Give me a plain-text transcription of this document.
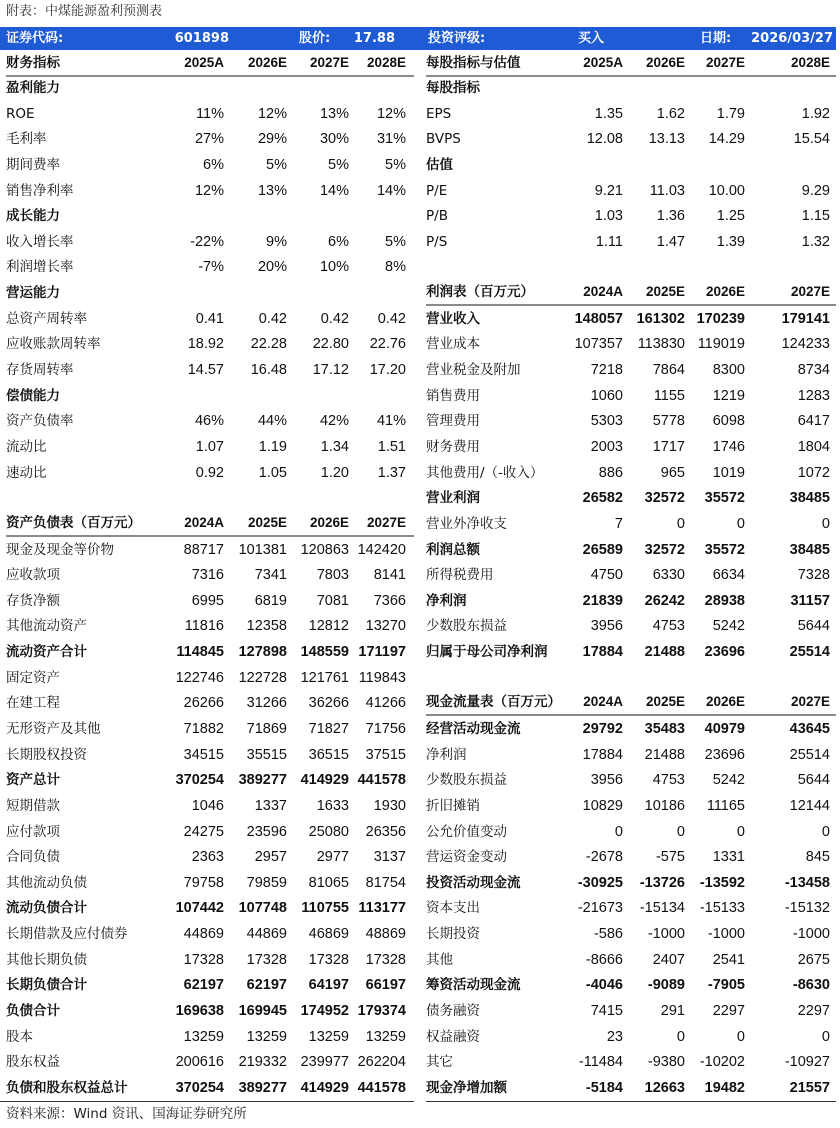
附表：中煤能源盈利预测表
证券代码:	601898	股价: 17.88	投资评级:	买入	日期: 2026/03/27
财务指标	2025A 2026E 2027E 2028E
盈利能力
ROE	11% 12% 13% 12%
毛利率	27% 29% 30% 31%
期间费率	6%	5%	5% 5%
销售净利率	12% 13% 14% 14%
成长能力
收入增长率	-22%	9%	6% 5%
利润增长率	-7% 20% 10% 8%
营运能力
总资产周转率	0.41 0.42 0.42 0.42
应收账款周转率	18.92 22.28 22.80 22.76
存货周转率	14.57 16.48 17.12 17.20
偿债能力
资产负债率	46% 44% 42% 41%
流动比	1.07 1.19 1.34 1.51
速动比	0.92 1.05 1.20 1.37
资产负债表（百万元）	2024A 2025E 2026E 2027E
现金及现金等价物	88717 101381 120863 142420
应收款项	7316 7341 7803 8141
存货净额	6995 6819 7081 7366
其他流动资产	11816 12358 12812 13270
流动资产合计	114845 127898 148559 171197
固定资产	122746 122728 121761 119843
在建工程	26266 31266 36266 41266
无形资产及其他	71882 71869 71827 71756
长期股权投资	34515 35515 36515 37515
资产总计	370254 389277 414929 441578
短期借款	1046 1337 1633 1930
应付款项	24275 23596 25080 26356
合同负债	2363 2957 2977 3137
其他流动负债	79758 79859 81065 81754
流动负债合计	107442 107748 110755 113177
长期借款及应付债券	44869 44869 46869 48869
其他长期负债	17328 17328 17328 17328
长期负债合计	62197 62197 64197 66197
负债合计	169638 169945 174952 179374
股本	13259 13259 13259 13259
股东权益	200616 219332 239977 262204
负债和股东权益总计	370254 389277 414929 441578
每股指标与估值	2025A 2026E 2027E	2028E
每股指标
EPS	1.35 1.62 1.79	1.92
BVPS	12.08 13.13 14.29	15.54
估值
P/E	9.21 11.03 10.00	9.29
P/B	1.03 1.36 1.25	1.15
P/S	1.11 1.47 1.39	1.32
利润表（百万元）	2024A 2025E 2026E	2027E
营业收入	148057 161302 170239	179141
营业成本	107357 113830 119019	124233
营业税金及附加	7218 7864 8300	8734
销售费用	1060 1155 1219	1283
管理费用	5303 5778 6098	6417
财务费用	2003 1717 1746	1804
其他费用/（-收入）	886	965 1019	1072
营业利润	26582 32572 35572	38485
营业外净收支	7	0	0	0
利润总额	26589 32572 35572	38485
所得税费用	4750 6330 6634	7328
净利润	21839 26242 28938	31157
少数股东损益	3956 4753 5242	5644
归属于母公司净利润 17884 21488 23696	25514
现金流量表（百万元） 2024A 2025E 2026E	2027E
经营活动现金流	29792 35483 40979	43645
净利润	17884 21488 23696	25514
少数股东损益	3956 4753 5242	5644
折旧摊销	10829 10186 11165	12144
公允价值变动	0	0	0	0
营运资金变动	-2678 -575 1331	845
投资活动现金流	-30925 -13726 -13592	-13458
资本支出	-21673 -15134 -15133	-15132
长期投资	-586 -1000 -1000	-1000
其他	-8666 2407 2541	2675
筹资活动现金流	-4046 -9089 -7905	-8630
债务融资	7415	291 2297	2297
权益融资	23	0	0	0
其它	-11484 -9380 -10202	-10927
现金净增加额	-5184 12663 19482	21557
资料来源：Wind 资讯、国海证券研究所
